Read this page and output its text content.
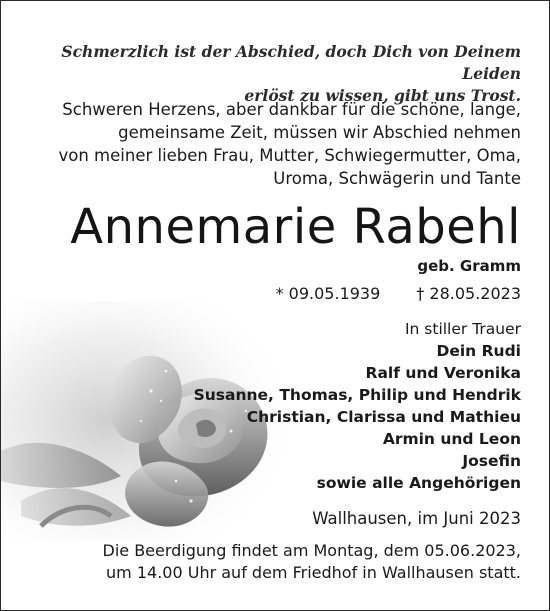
Schmerzlich ist der Abschied, doch Dich von Deinem Leiden
erlöst zu wissen, gibt uns Trost.
Schweren Herzens, aber dankbar für die schöne, lange,
gemeinsame Zeit, müssen wir Abschied nehmen
von meiner lieben Frau, Mutter, Schwiegermutter, Oma,
Uroma, Schwägerin und Tante
Annemarie Rabehl
geb. Gramm
* 09.05.1939 † 28.05.2023
In stiller Trauer
Dein Rudi
Ralf und Veronika
Susanne, Thomas, Philip und Hendrik
Christian, Clarissa und Mathieu
Armin und Leon
Josefin
sowie alle Angehörigen
Wallhausen, im Juni 2023
Die Beerdigung findet am Montag, dem 05.06.2023,
um 14.00 Uhr auf dem Friedhof in Wallhausen statt.
